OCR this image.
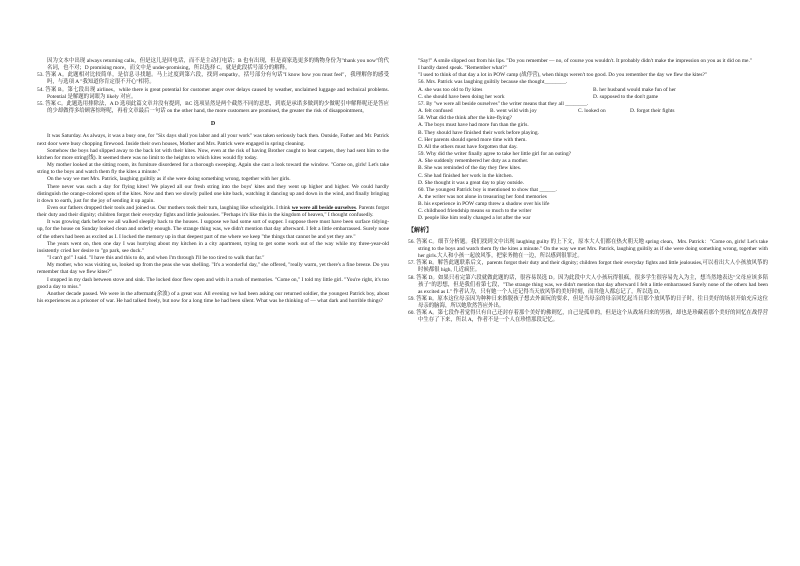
因为文本中出现 always returning calls，但是这儿是回电话，而不是主动打电话；B 也有出现，但是商家选更多的购物身份为"thank you now"的代名词，也不对；D promising more，而文中是 under-promising，所以选择 C。就是此段括号部分的解释。

53. 答案 A。此题相对比较简单，是信息寻找题。马上过度到第六段，找到 empathy，括号部分有句话"I know how you must feel"，我理解你的感受吗，与选项 A "我知道你肯定很不开心"相符。

54. 答案 B。第七段出现 airlines，while there is great potential for customer anger over delays caused by weather, unclaimed luggage and technical problems. Potential 是解题的词眼为 likely 对应。

55. 答案 C。此题选用排除法，A D 选项此篇文章并没有提到，BC 选项显然是两个截然不同的意思，到底是承诺多做到的少做呢引申解释呢还是答应的少却做得多给顾客惊呀呢，再看文章最后一句话 on the other hand, the more customers are promised, the greater the risk of disappointment，

D

It was Saturday. As always, it was a busy one, for "Six days shall you labor and all your work" was taken seriously back then. Outside, Father and Mr. Patrick next door were busy chopping firewood. Inside their own houses, Mother and Mrs. Patrick were engaged in spring cleaning.

Somehow the boys had slipped away to the back lot with their kites. Now, even at the risk of having Brother caught to beat carpets, they had sent him to the kitchen for more string(线). It seemed there was no limit to the heights to which kites would fly today.

My mother looked at the sitting room, its furniture disordered for a thorough sweeping. Again she cast a look toward the window. "Come on, girls! Let's take string to the boys and watch them fly the kites a minute."

On the way we met Mrs. Patrick, laughing guiltily as if she were doing something wrong, together with her girls.

There never was such a day for flying kites! We played all our fresh string into the boys' kites and they went up higher and higher. We could hardly distinguish the orange-colored spots of the kites. Now and then we slowly pulled one kite back, watching it dancing up and down in the wind, and finally bringing it down to earth, just for the joy of sending it up again.

Even our fathers dropped their tools and joined us. Our mothers took their turn, laughing like schoolgirls. I think we were all beside ourselves. Parents forgot their duty and their dignity; children forgot their everyday fights and little jealousies. "Perhaps it's like this in the kingdom of heaven," I thought confusedly.

It was growing dark before we all walked sleepily back to the houses. I suppose we had some sort of supper. I suppose there must have been surface tidying-up, for the house on Sunday looked clean and orderly enough. The strange thing was, we didn't mention that day afterward. I felt a little embarrassed. Surely none of the others had been as excited as I. I locked the memory up in that deepest part of me where we keep "the things that cannot be and yet they are."

The years went on, then one day I was hurrying about my kitchen in a city apartment, trying to get some work out of the way while my three-year-old insistently cried her desire to "go park, see duck."

"I can't go!" I said. "I have this and this to do, and when I'm through I'll be too tired to walk that far."

My mother, who was visiting us, looked up from the peas she was shelling. "It's a wonderful day," she offered, "really warm, yet there's a fine breeze. Do you remember that day we flew kites?"

I stopped in my dash between stove and sink. The locked door flew open and with it a rush of memories. "Come on," I told my little girl. "You're right, it's too good a day to miss."

Another decade passed. We were in the aftermath(余波) of a great war. All evening we had been asking our returned soldier, the youngest Patrick boy, about his experiences as a prisoner of war. He had talked freely, but now for a long time he had been silent. What was he thinking of — what dark and horrible things?

"Say!" A smile slipped out from his lips. "Do you remember — no, of course you wouldn't. It probably didn't make the impression on you as it did on me."

I hardly dared speak. "Remember what?"

"I used to think of that day a lot in POW camp (战俘营), when things weren't too good. Do you remember the day we flew the kites?"

56. Mrs. Patrick was laughing guiltily because she thought________.

A. she was too old to fly kites	B. her husband would make fun of her
C. she should have been doing her work	D. supposed to the don't game

57. By "we were all beside ourselves" the writer means that they all ________.

A. felt confused	B. went wild with joy	C. looked on	D. forgot their fights

58. What did the think after the kite-flying?

A. The boys must have had more fun than the girls.

B. They should have finished their work before playing.

C. Her parents should spend more time with them.

D. All the others must have forgotten that day.

59. Why did the writer finally agree to take her little girl for an outing?

A. She suddenly remembered her duty as a mother.

B. She was reminded of the day they flew kites.

C. She had finished her work in the kitchen.

D. She thought it was a great day to play outside.

60. The youngest Patrick boy is mentioned to show that ______.

A. the writer was not alone in treasuring her fond memories

B. his experience in POW camp threw a shadow over his life

C. childhood friendship means so much to the writer

D. people like him really changed a lot after the war

【解析】

56. 答案 C。细节分析题。我们找到文中出现 laughing guilty 的上下文，原本大人们都在热火朝天地 spring clean，Mrs. Patrick："Come on, girls! Let's take string to the boys and watch them fly the kites a minute." On the way we met Mrs. Patrick, laughing guiltily as if she were doing something wrong, together with her girls.大人和小孩一起放风筝，把家务抛在一边，所以感到很罪过。

57. 答案 B。解答此题联系后文，parents forgot their duty and their dignity; children forgot their everyday fights and little jealousies,可以看出大人小孩放风筝的时候都很 high, 几近疯狂。

58. 答案 D。如果只看完第六段就做此题的话，很容易误选 D。因为此段中大人小孩玩得很疯，很多学生很容易先入为主，想当然地表达"父母应该多陪孩子"的思想，但是我们看第七段，"The strange thing was, we didn't mention that day afterward I felt a little embarrassed Surely none of the others had been as excited as I." 作者认为，只有她一个人还记得当天放风筝的美好时刻，而其他人都忘记了，所以选 D。

59. 答案 B。原本这位母亲因为种种日来推脱孩子想去外面玩的要求，但是当母亲的母亲回忆起当日那个放风筝的日子时，往日美好的场景开始充斥这位母亲的脑海，所以她欣然答应外出。

60. 答案 A。第七段作者觉得只有自己还封存着那个美好的佛则忆，自己是孤单的，但是这个从战场归来的男孩，却也是珍藏着那个美好的回忆在战俘营中生存了下来，所以 A，作者不是一个人在珍惜那段记忆。
